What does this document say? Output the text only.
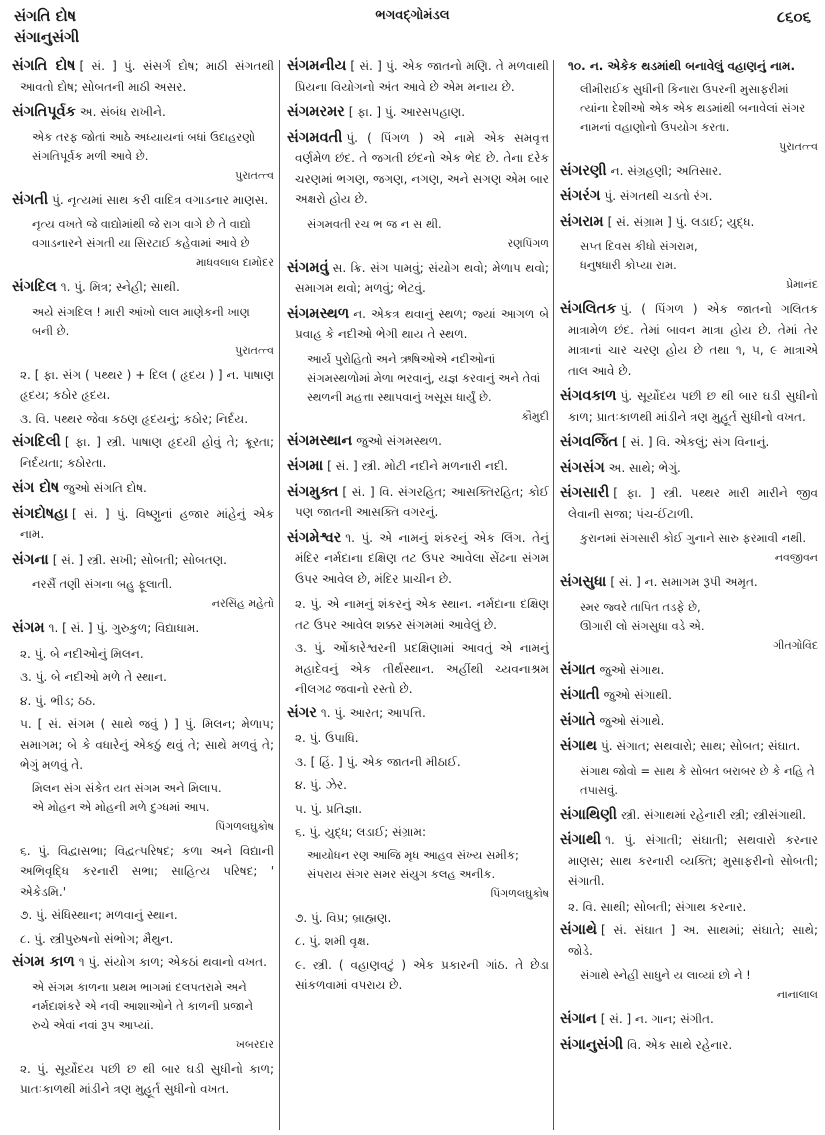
સંગતિ દોષ
સંગાનુસંગી
ભગવદ્‌ગોમંડલ	૮૬૦૬
સંગતિ દોષ [ સં. ] પું. સંસર્ગ દોષ; માઠી સંગતથી આવતો દોષ; સોબતની માઠી અસર.
સંગતિપૂર્વક અ. સંબંધ રાખીને.
એક તરફ જોતાં આઠે અધ્યાયનાં બધાં ઉદાહરણો સંગતિપૂર્વક મળી આવે છે.
પુરાતત્ત્વ
સંગતી પું. નૃત્યમાં સાથ કરી વાદિત્ર વગાડનાર માણસ.
નૃત્ય વખતે જે વાદ્યોમાંથી જે રાગ વાગે છે તે વાદ્યો વગાડનારને સંગતી યા સિરટાઈ કહેવામાં આવે છે
માધવલાલ દામોદર
સંગદિલ ૧. પું. મિત્ર; સ્નેહી; સાથી.
અયે સંગદિલ ! મારી આંખો લાલ માણેકની ખાણ બની છે.
પુરાતત્ત્વ
૨. [ ફા. સંગ ( પથ્થર ) + દિલ ( હૃદય ) ] ન. પાષાણ હૃદય; કઠોર હૃદય.
૩. વિ. પથ્થર જેવા કઠણ હૃદયનું; કઠોર; નિર્દય.
સંગદિલી [ ફા. ] સ્ત્રી. પાષાણ હૃદયી હોવું તે; ક્રૂરતા; નિર્દયતા; કઠોરતા.
સંગ દોષ જુઓ સંગતિ દોષ.
સંગદોષહા [ સં. ] પું. વિષ્ણુનાં હજાર માંહેનું એક નામ.
સંગના [ સં. ] સ્ત્રી. સખી; સોબતી; સોબતણ.
નરસૈં તણી સંગના બહુ ફૂલાતી.
નરસિંહ મહેતો
સંગમ ૧. [ સં. ] પું. ગુરુકુળ; વિદ્યાધામ.
૨. પું. બે નદીઓનું મિલન.
૩. પું. બે નદીઓ મળે તે સ્થાન.
૪. પું. ભીડ; ઠઠ.
૫. [ સં. સંગમ ( સાથે જવું ) ] પું. મિલન; મેળાપ; સમાગમ; બે કે વધારેનું એકઠું થવું તે; સાથે મળવું તે; ભેગું મળવું તે.
મિલન સંગ સંકેત યત સંગમ અને મિલાપ.
એ મોહન એ મોહની મળે દુગ્ધમાં આપ.
પિંગળલઘુકોષ
૬. પું. વિદ્વાસભા; વિદ્વત્પરિષદ; કળા અને વિદ્યાની અભિવૃદ્ધિ કરનારી સભા; સાહિત્ય પરિષદ; ' એકેડમિ.'
૭. પું. સંધિસ્થાન; મળવાનું સ્થાન.
૮. પું. સ્ત્રીપુરુષનો સંભોગ; મૈથુન.
સંગમ કાળ ૧ પું. સંયોગ કાળ; એકઠાં થવાનો વખત.
એ સંગમ કાળના પ્રથમ ભાગમાં દલપતરામે અને નર્મદાશંકરે એ નવી આશાઓને તે કાળની પ્રજાને રુચે એવાં નવાં રૂપ આપ્યાં.
ખબરદાર
૨. પું. સૂર્યોદય પછી છ થી બાર ઘડી સુધીનો કાળ; પ્રાતઃકાળથી માંડીને ત્રણ મુહૂર્ત સુધીનો વખત.
સંગમનીય [ સં. ] પું. એક જાતનો મણિ. તે મળવાથી પ્રિયના વિયોગનો અંત આવે છે એમ મનાય છે.
સંગમરમર [ ફા. ] પું. આરસપહાણ.
સંગમવતી પું. ( પિંગળ ) એ નામે એક સમવૃત્ત વર્ણમેળ છંદ. તે જગતી છંદનો એક ભેદ છે. તેના દરેક ચરણમાં ભગણ, જગણ, નગણ, અને સગણ એમ બાર અક્ષરો હોય છે.
સંગમવતી રચ ભ જ ન સ થી.
રણપિંગળ
સંગમવું સ. ક્રિ. સંગ પામવું; સંયોગ થવો; મેળાપ થવો; સમાગમ થવો; મળવું; ભેટવું.
સંગમસ્થળ ન. એકત્ર થવાનું સ્થળ; જ્યાં આગળ બે પ્રવાહ કે નદીઓ ભેગી થાય તે સ્થળ.
આર્ય પુરોહિતો અને ઋષિઓએ નદીઓનાં સંગમસ્થળોમાં મેળા ભરવાનું, યજ્ઞ કરવાનું અને તેવાં સ્થળની મહત્તા સ્થાપવાનું ખસૂસ ધાર્યું છે.
કૌમુદી
સંગમસ્થાન જુઓ સંગમસ્થળ.
સંગમા [ સં. ] સ્ત્રી. મોટી નદીને મળનારી નદી.
સંગમુક્ત [ સં. ] વિ. સંગરહિત; આસક્તિરહિત; કોઈ પણ જાતની આસક્તિ વગરનું.
સંગમેશ્વર ૧. પું. એ નામનું શંકરનું એક લિંગ. તેનું મંદિર નર્મદાના દક્ષિણ તટ ઉપર આવેલા સેંઢના સંગમ ઉપર આવેલ છે, મંદિર પ્રાચીન છે.
૨. પું. એ નામનું શંકરનું એક સ્થાન. નર્મદાના દક્ષિણ તટ ઉપર આવેલ શક્કર સંગમમાં આવેલું છે.
૩. પું. ઓંકારેશ્વરની પ્રદક્ષિણામાં આવતું એ નામનું મહાદેવનું એક તીર્થસ્થાન. અહીંથી ચ્યવનાશ્રમ નીલગઢ જવાનો રસ્તો છે.
સંગર ૧. પું. આરત; આપત્તિ.
૨. પું. ઉપાધિ.
૩. [ હિં. ] પું. એક જાતની મીઠાઈ.
૪. પું. ઝેર.
૫. પું. પ્રતિજ્ઞા.
૬. પું. યુદ્ધ; લડાઈ; સંગ્રામ:
આયોધન રણ આજિ મૃધ આહવ સંખ્ય સમીક; સંપરાય સંગર સમર સંયુગ કલહ અનીક.
પિંગળલઘુકોષ
૭. પું. વિપ્ર; બ્રાહ્મણ.
૮. પું. શમી વૃક્ષ.
૯. સ્ત્રી. ( વહાણવટું ) એક પ્રકારની ગાંઠ. તે છેડા સાંકળવામાં વપરાય છે.
૧૦. ન. એકેક થડમાંથી બનાવેલું વહાણનું નામ.
લીમીરાઈક સુધીની કિનારા ઉપરની મુસાફરીમાં ત્યાંના દેશીઓ એક એક થડમાંથી બનાવેલાં સંગર નામનાં વહાણોનો ઉપયોગ કરતા.
પુરાતત્ત્વ
સંગરણી ન. સંગ્રહણી; અતિસાર.
સંગરંગ પું. સંગતથી ચડતો રંગ.
સંગરામ [ સં. સંગ્રામ ] પું. લડાઈ; યુદ્ધ.
સપ્ત દિવસ કીધો સંગરામ,
ધનુષધારી કોપ્યા રામ.
પ્રેમાનંદ
સંગલિતક પું. ( પિંગળ ) એક જાતનો ગલિતક માત્રામેળ છંદ. તેમાં બાવન માત્રા હોય છે. તેમાં તેર માત્રાનાં ચાર ચરણ હોય છે તથા ૧, ૫, ૯ માત્રાએ તાલ આવે છે.
સંગવકાળ પું. સૂર્યોદય પછી છ થી બાર ઘડી સુધીનો કાળ; પ્રાતઃકાળથી માંડીને ત્રણ મુહૂર્ત સુધીનો વખત.
સંગવર્જિત [ સં. ] વિ. એકલું; સંગ વિનાનું.
સંગસંગ અ. સાથે; ભેગું.
સંગસારી [ ફા. ] સ્ત્રી. પથ્થર મારી મારીને જીવ લેવાની સજા; પંચ-ઈંટાળી.
કુરાનમાં સંગસારી કોઈ ગુનાને સારુ ફરમાવી નથી.
નવજીવન
સંગસુધા [ સં. ] ન. સમાગમ રૂપી અમૃત.
સ્મર જ્વરે તાપિત તડફે છે,
ઊગારી લો સંગસુધા વડે એ.
ગીતગોવિંદ
સંગાત જુઓ સંગાથ.
સંગાતી જુઓ સંગાથી.
સંગાતે જુઓ સંગાથે.
સંગાથ પું. સંગાત; સથવારો; સાથ; સોબત; સંઘાત.
સંગાથ જોવો = સાથ કે સોબત બરાબર છે કે નહિ તે તપાસવું.
સંગાથિણી સ્ત્રી. સંગાથમાં રહેનારી સ્ત્રી; સ્ત્રીસંગાથી.
સંગાથી ૧. પું. સંગાતી; સંઘાતી; સથવારો કરનાર માણસ; સાથ કરનારી વ્યક્તિ; મુસાફરીનો સોબતી; સંગાતી.
૨. વિ. સાથી; સોબતી; સંગાથ કરનાર.
સંગાથે [ સં. સંઘાત ] અ. સાથમાં; સંઘાતે; સાથે; જોડે.
સંગાથે સ્નેહી સાધુને ય લાવ્યાં છો ને !
નાનાલાલ
સંગાન [ સં. ] ન. ગાન; સંગીત.
સંગાનુસંગી વિ. એક સાથે રહેનાર.
